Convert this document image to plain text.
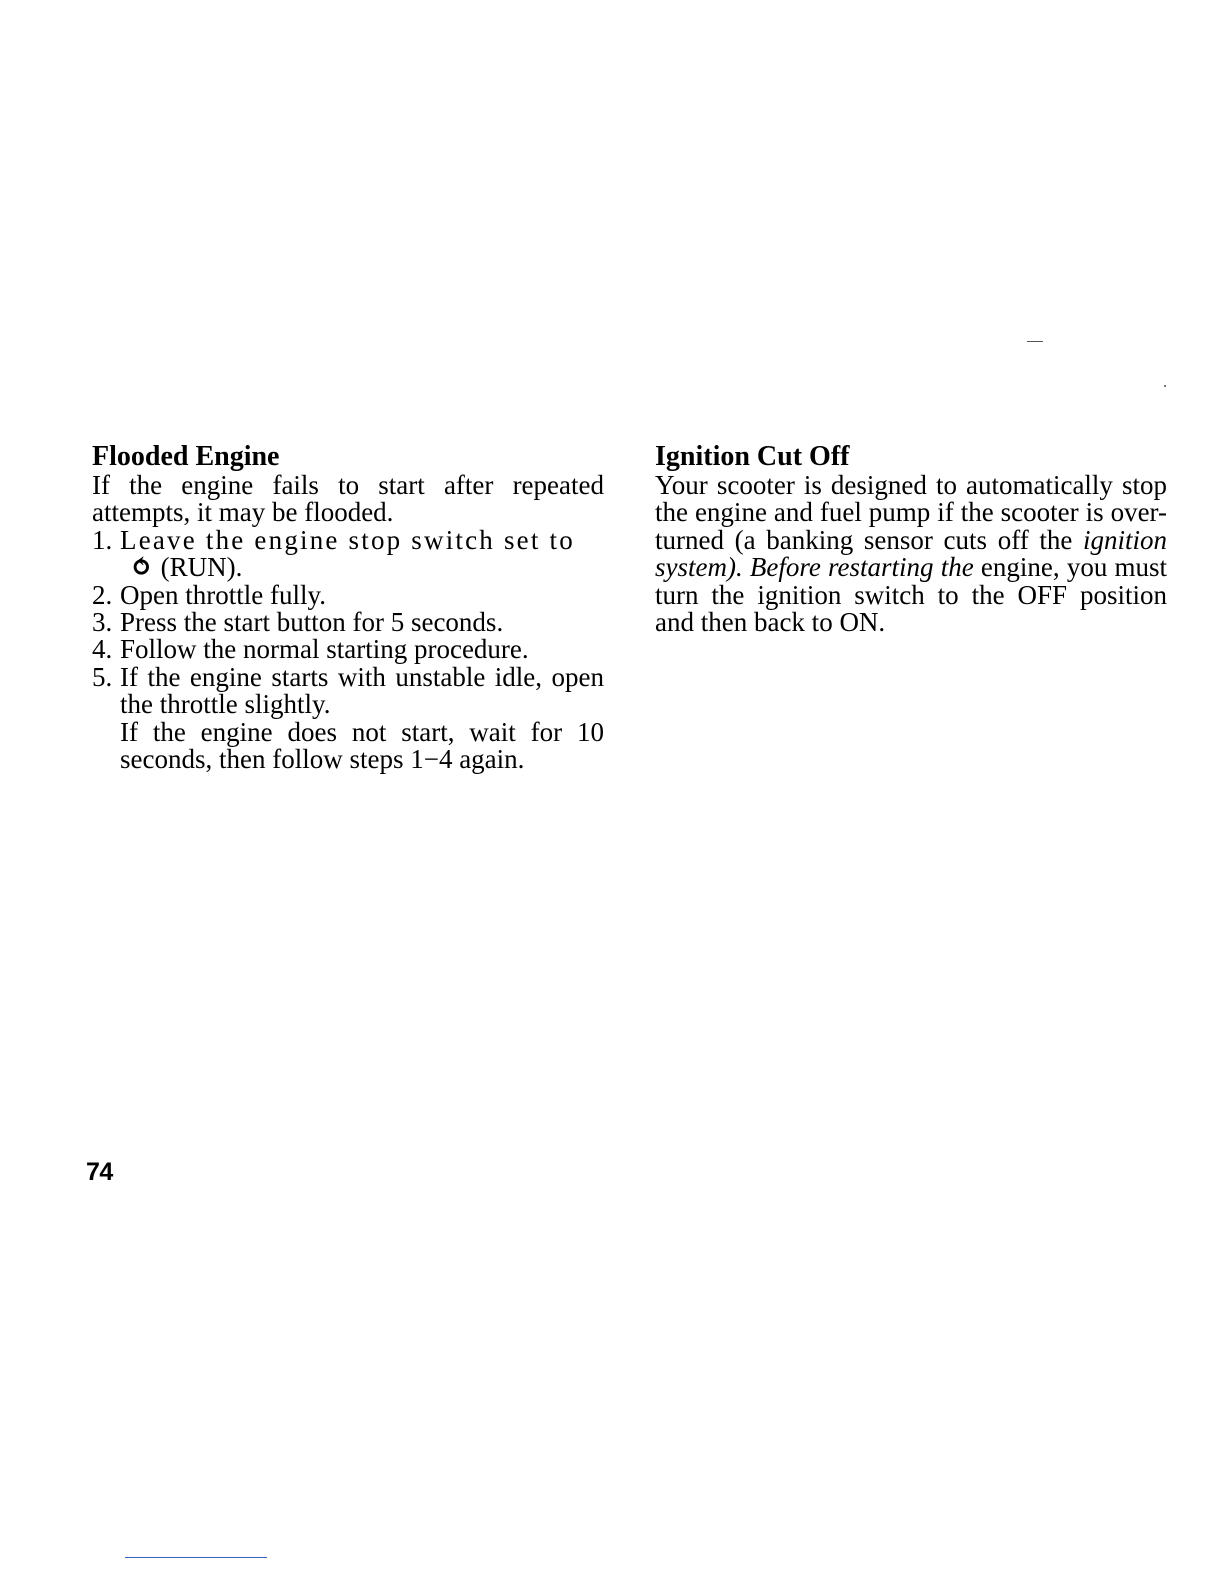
Flooded Engine

If the engine fails to start after repeated attempts, it may be flooded.

1. Leave the engine stop switch set to
⥀ (RUN).
2. Open throttle fully.
3. Press the start button for 5 seconds.
4. Follow the normal starting procedure.
5. If the engine starts with unstable idle, open the throttle slightly.
If the engine does not start, wait for 10 seconds, then follow steps 1−4 again.
Ignition Cut Off

Your scooter is designed to automatically stop the engine and fuel pump if the scooter is over-turned (a banking sensor cuts off the ignition system). Before restarting the engine, you must turn the ignition switch to the OFF position and then back to ON.

74
